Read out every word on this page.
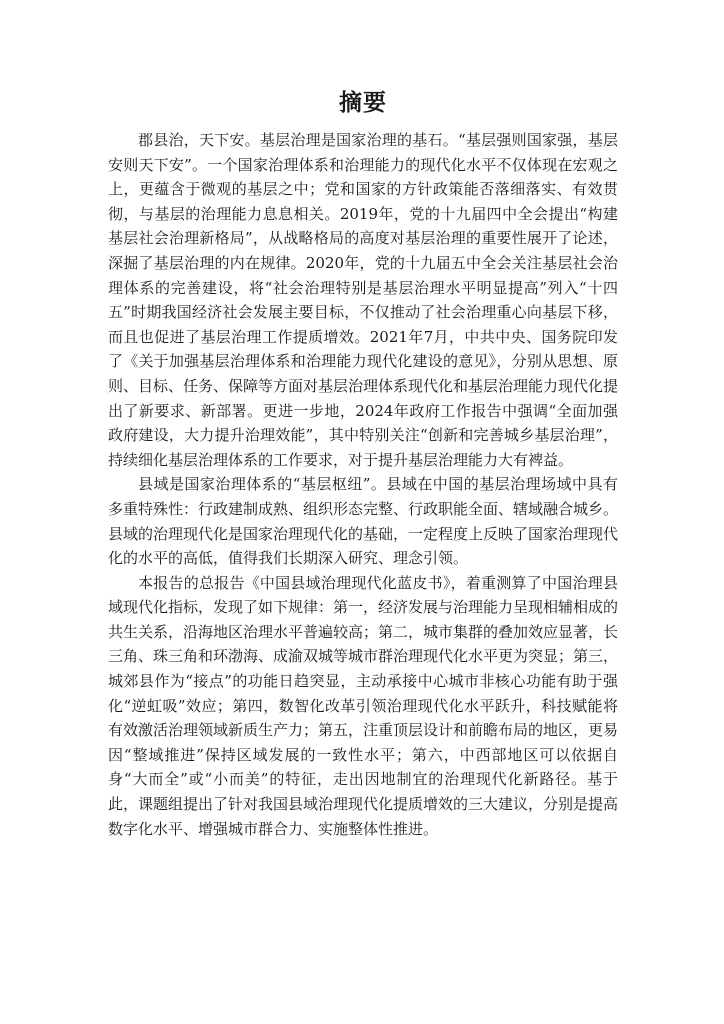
摘要

郡县治，天下安。基层治理是国家治理的基石。“基层强则国家强，基层安则天下安”。一个国家治理体系和治理能力的现代化水平不仅体现在宏观之上，更蕴含于微观的基层之中；党和国家的方针政策能否落细落实、有效贯彻，与基层的治理能力息息相关。2019年，党的十九届四中全会提出“构建基层社会治理新格局”，从战略格局的高度对基层治理的重要性展开了论述，深掘了基层治理的内在规律。2020年，党的十九届五中全会关注基层社会治理体系的完善建设，将“社会治理特别是基层治理水平明显提高”列入“十四五”时期我国经济社会发展主要目标，不仅推动了社会治理重心向基层下移，而且也促进了基层治理工作提质增效。2021年7月，中共中央、国务院印发了《关于加强基层治理体系和治理能力现代化建设的意见》，分别从思想、原则、目标、任务、保障等方面对基层治理体系现代化和基层治理能力现代化提出了新要求、新部署。更进一步地，2024年政府工作报告中强调“全面加强政府建设，大力提升治理效能”，其中特别关注“创新和完善城乡基层治理”，持续细化基层治理体系的工作要求，对于提升基层治理能力大有裨益。

县域是国家治理体系的“基层枢纽”。县域在中国的基层治理场域中具有多重特殊性：行政建制成熟、组织形态完整、行政职能全面、辖域融合城乡。县域的治理现代化是国家治理现代化的基础，一定程度上反映了国家治理现代化的水平的高低，值得我们长期深入研究、理念引领。

本报告的总报告《中国县域治理现代化蓝皮书》，着重测算了中国治理县域现代化指标，发现了如下规律：第一，经济发展与治理能力呈现相辅相成的共生关系，沿海地区治理水平普遍较高；第二，城市集群的叠加效应显著，长三角、珠三角和环渤海、成渝双城等城市群治理现代化水平更为突显；第三，城郊县作为“接点”的功能日趋突显，主动承接中心城市非核心功能有助于强化“逆虹吸”效应；第四，数智化改革引领治理现代化水平跃升，科技赋能将有效激活治理领域新质生产力；第五，注重顶层设计和前瞻布局的地区，更易因“整域推进”保持区域发展的一致性水平；第六，中西部地区可以依据自身“大而全”或“小而美”的特征，走出因地制宜的治理现代化新路径。基于此，课题组提出了针对我国县域治理现代化提质增效的三大建议，分别是提高数字化水平、增强城市群合力、实施整体性推进。
